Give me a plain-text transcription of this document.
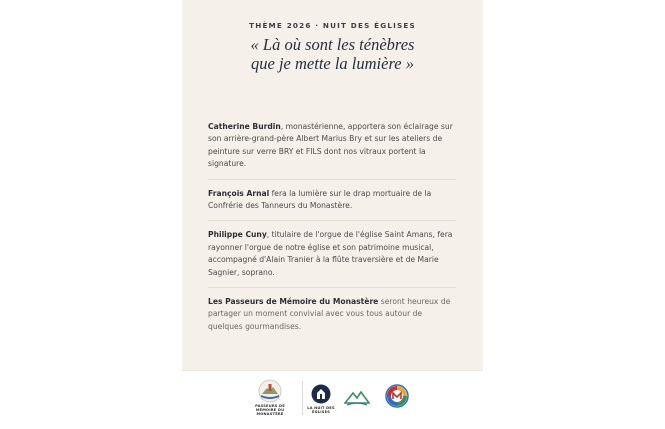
THÈME 2026 · NUIT DES ÉGLISES
« Là où sont les ténèbres
que je mette la lumière »
Catherine Burdin, monastérienne, apportera son éclairage sur son arrière-grand-père Albert Marius Bry et sur les ateliers de peinture sur verre BRY et FILS dont nos vitraux portent la signature.
François Arnal fera la lumière sur le drap mortuaire de la Confrérie des Tanneurs du Monastère.
Philippe Cuny, titulaire de l'orgue de l'église Saint Amans, fera rayonner l'orgue de notre église et son patrimoine musical, accompagné d'Alain Tranier à la flûte traversière et de Marie Sagnier, soprano.
Les Passeurs de Mémoire du Monastère seront heureux de partager un moment convivial avec vous tous autour de quelques gourmandises.
PASSEURS DE MÉMOIRE DU MONASTÈRE
LA NUIT DES ÉGLISES
